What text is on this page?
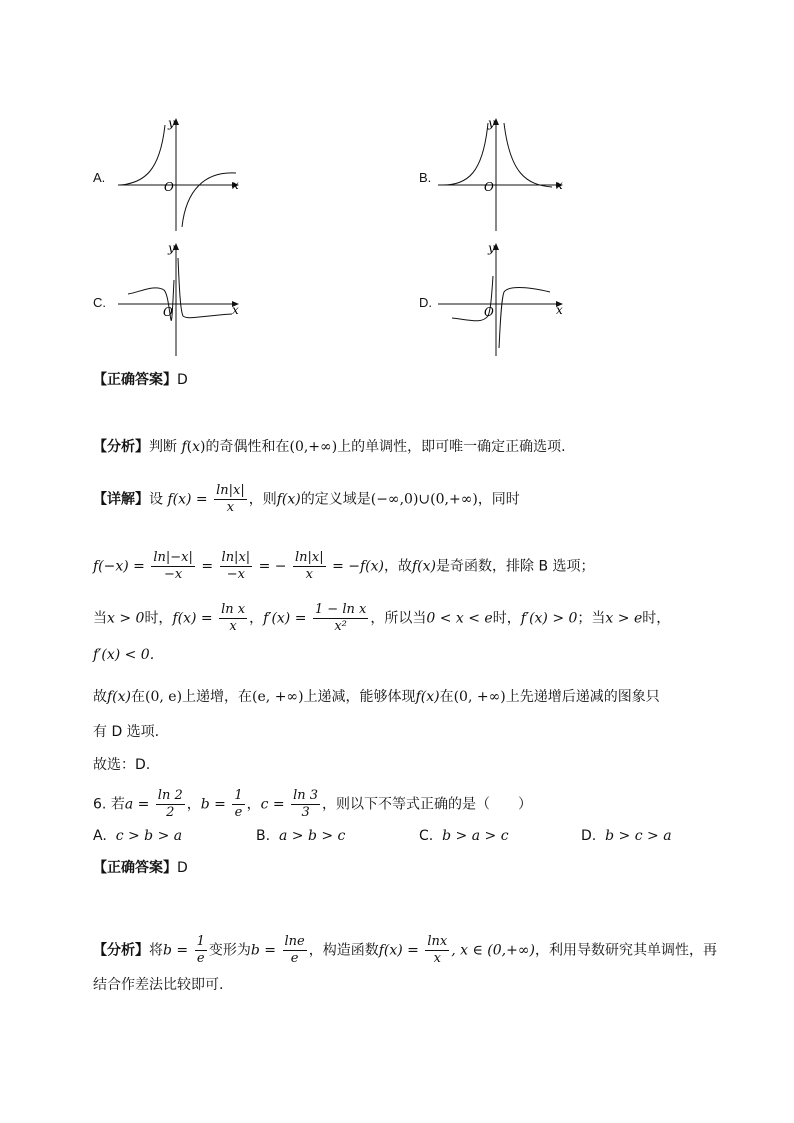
A.
y
x
O
B.
y
x
O
C.
y
x
O
D.
y
x
O
【正确答案】D
【分析】判断 f(x)的奇偶性和在(0,+∞)上的单调性，即可唯一确定正确选项.
【详解】设 $f(x) = \frac{\ln|x|}{x}$ ，则f(x)的定义域是(−∞,0)∪(0,+∞)，同时
$f(-x) = \frac{\ln|-x|}{-x} = \frac{\ln|x|}{-x}$ = − $\frac{\ln|x|}{x} = -f(x)$，故f(x)是奇函数，排除 B 选项；
当x > 0时，$f(x) = \frac{\text{ln x}}{x}$ ，$f'(x) = \frac{\text{1 − ln x}}{\text{x²}}$ ，所以当0 < x < e时，f′(x) > 0；当x > e时，
f′(x) < 0.
故f(x)在(0, e)上递增，在(e, +∞)上递减，能够体现f(x)在(0, +∞)上先递增后递减的图象只
有 D 选项.
故选：D.
6. 若$a = \frac{\ln 2}{2}$ ，$b = \frac{1}{e}$ ，$c = \frac{\ln 3}{3}$ ，则以下不等式正确的是（　　）
A. c > b > a	B. a > b > c	C. b > a > c	D. b > c > a
【正确答案】D
【分析】将$b = \frac{1}{e}$ 变形为$b = \frac{\ln e}{e}$ ，构造函数$f(x) = \frac{\ln x}{x}$ , x ∈ (0,+∞)，利用导数研究其单调性，再
结合作差法比较即可.
